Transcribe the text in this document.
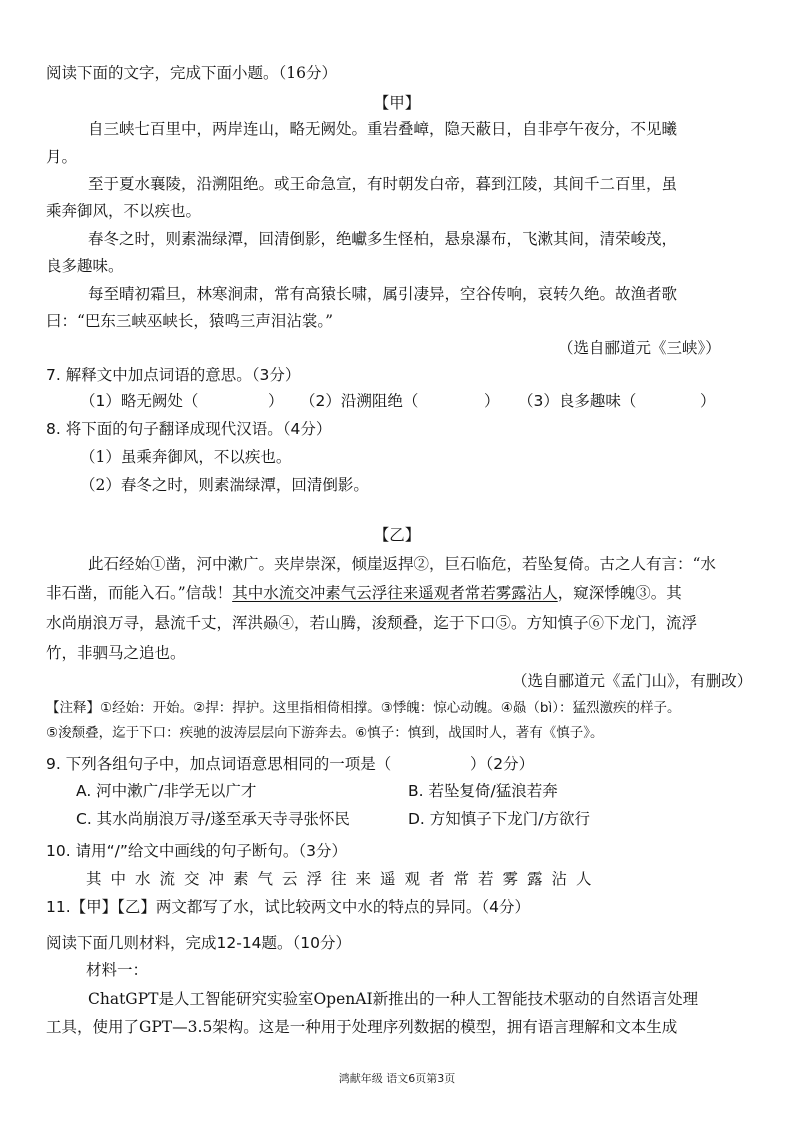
阅读下面的文字，完成下面小题。（16分）
【甲】
自三峡七百里中，两岸连山，略无阙处。重岩叠嶂，隐天蔽日，自非亭午夜分，不见曦
月。
至于夏水襄陵，沿溯阻绝。或王命急宣，有时朝发白帝，暮到江陵，其间千二百里，虽
乘奔御风，不以疾也。
春冬之时，则素湍绿潭，回清倒影，绝巘多生怪柏，悬泉瀑布，飞漱其间，清荣峻茂，
良多趣味。
每至晴初霜旦，林寒涧肃，常有高猿长啸，属引凄异，空谷传响，哀转久绝。故渔者歌
曰：“巴东三峡巫峡长，猿鸣三声泪沾裳。”
（选自郦道元《三峡》）
7. 解释文中加点词语的意思。（3分）
（1）略无阙处（	） （2）沿溯阻绝（	） （3）良多趣味（	）
8. 将下面的句子翻译成现代汉语。（4分）
（1）虽乘奔御风，不以疾也。
（2）春冬之时，则素湍绿潭，回清倒影。
【乙】
此石经始①凿，河中漱广。夹岸崇深，倾崖返捍②，巨石临危，若坠复倚。古之人有言：“水
非石凿，而能入石。”信哉！其中水流交冲素气云浮往来遥观者常若雾露沾人，窥深悸魄③。其
水尚崩浪万寻，悬流千丈，浑洪赑④，若山腾，浚颓叠，迄于下口⑤。方知慎子⑥下龙门，流浮
竹，非驷马之追也。
（选自郦道元《孟门山》，有删改）
【注释】①经始：开始。②捍：捍护。这里指相倚相撑。③悸魄：惊心动魄。④赑（bì）：猛烈激疾的样子。
⑤浚颓叠，迄于下口：疾驰的波涛层层向下游奔去。⑥慎子：慎到，战国时人，著有《慎子》。
9. 下列各组句子中，加点词语意思相同的一项是（	）（2分）
A. 河中漱广/非学无以广才	B. 若坠复倚/猛浪若奔
C. 其水尚崩浪万寻/遂至承天寺寻张怀民	D. 方知慎子下龙门/方欲行
10. 请用“/”给文中画线的句子断句。（3分）
其中水流交冲素气云浮往来遥观者常若雾露沾人
11.【甲】【乙】两文都写了水，试比较两文中水的特点的异同。（4分）
阅读下面几则材料，完成12-14题。（10分）
材料一：
ChatGPT是人工智能研究实验室OpenAI新推出的一种人工智能技术驱动的自然语言处理
工具，使用了GPT—3.5架构。这是一种用于处理序列数据的模型，拥有语言理解和文本生成
鸿献年级 语文6页第3页
